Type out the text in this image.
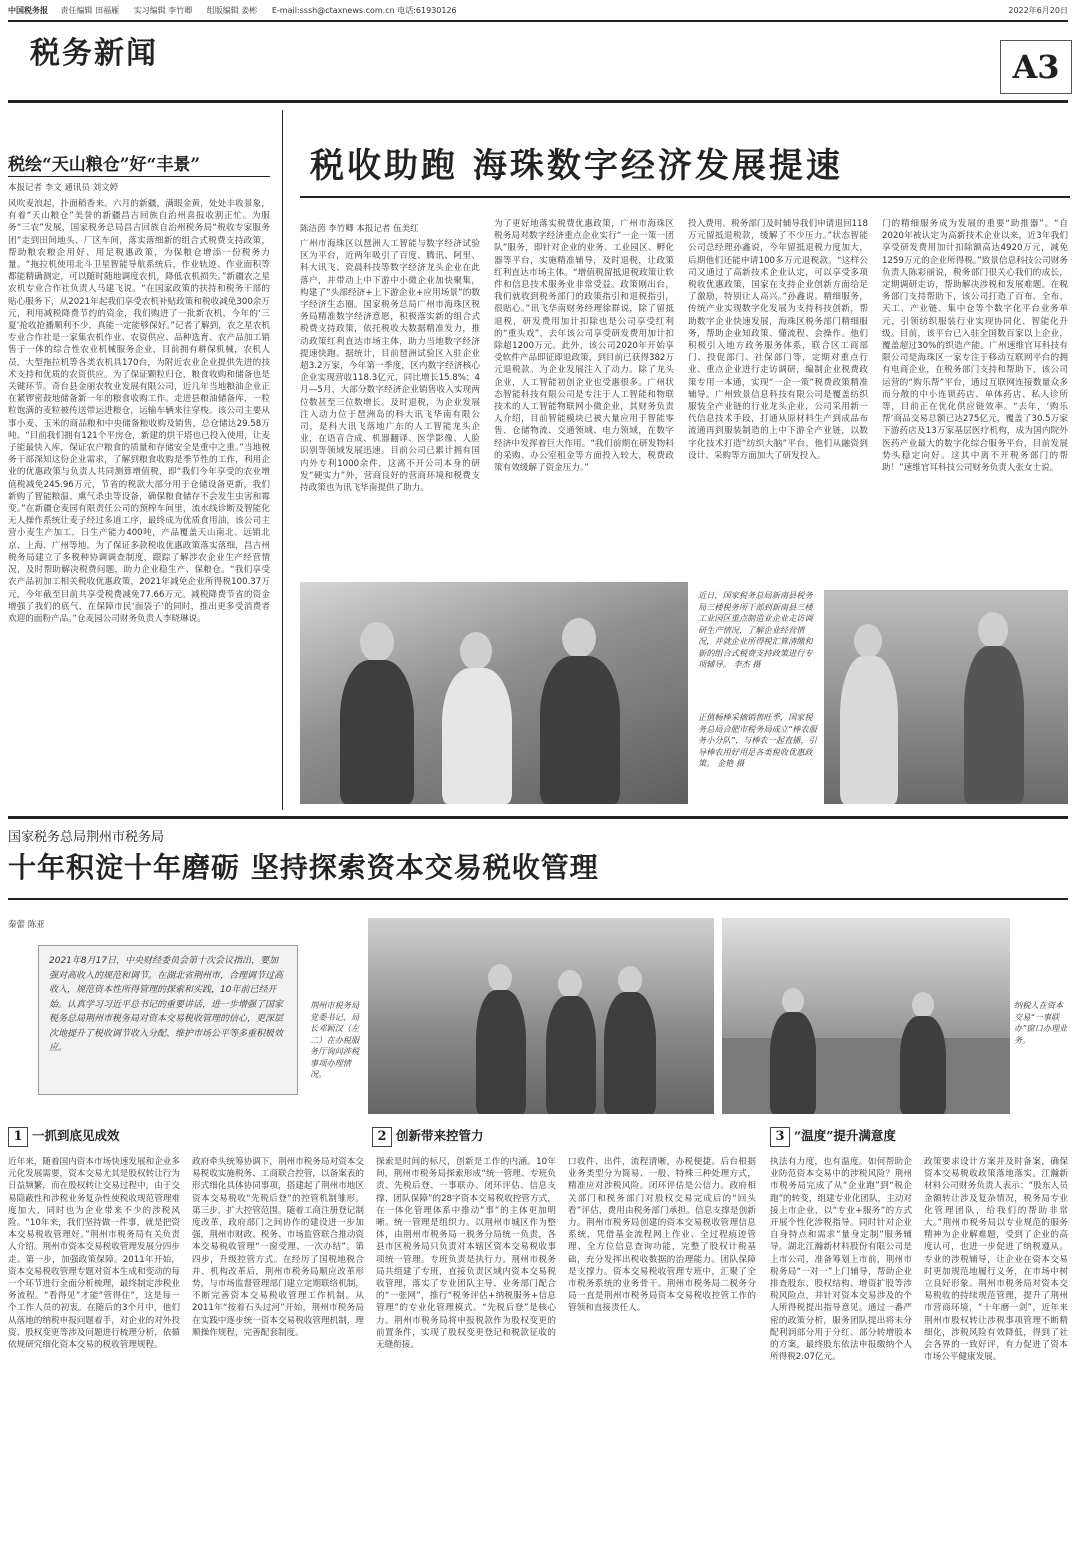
中国税务报 责任编辑 田福雁 实习编辑 李竹卿 组版编辑 姜彬 E-mail:sssh@ctaxnews.com.cn 电话:61930126	2022年6月20日
税务新闻	A3
税绘“天山粮仓”好“丰景”
本报记者 李文 通讯员 刘文婷
风吹麦浪起，扑面稻香来。六月的新疆，满眼金黄，处处丰收景象，有着“天山粮仓”美誉的新疆昌吉回族自治州喜报收割正忙。为服务“三农”发展，国家税务总局昌吉回族自治州税务局“税收专家服务团”走到田间地头、厂区车间，落实落细新的组合式税费支持政策，帮助粮农粮企用好、用足税惠政策，为保粮仓增添一份税务力量。“拖拉机使用北斗卫星智能导航系统后，作业轨迹、作业面积等都能精确测定，可以随时随地调度农机，降低农机损失。”新疆农之星农机专业合作社负责人马建飞说。“在国家政策的扶持和税务干部的贴心服务下，从2021年起我们享受农机补贴政策和税收减免300余万元，利用减税降费节约的资金，我们购进了一批新农机，今年的‘三夏’抢收抢播顺利不少，真能一定能够保好。”记者了解到，农之星农机专业合作社是一家集农机作业、农资供应、品种选育、农产品加工销售于一体的综合性农业机械服务企业，目前拥有耕保机械，农机人员，大型拖拉机等各类农机具170台，为附近农业企业提供先进的技术支持和优质的农资供应。为了保证颗粒归仓，粮食收购和储备也是关键环节。奇台县金丽农牧业发展有限公司，近几年当地粮油企业正在紧锣密鼓地储备新一年的粮食收购工作。走进县粮油储备库，一粒粒饱满的麦粒被传送带运进粮仓，运输车辆来往穿梭。该公司主要从事小麦、玉米的商品粮和中央储备粮收购及销售，总仓储达29.58万吨。“目前我们拥有121个平房仓，新建的烘干塔也已投入使用，让麦子能最快入库，保证农户粮食的质量和存储安全是重中之重。”当地税务干部深知这份企业需求，了解到粮食收购是季节性的工作，利用企业的优惠政策与负责人共同测算增值税，即“我们今年享受的农业增值税减免245.96万元，节省的税款大部分用于仓储设备更新，我们新购了智能粮温、熏气杀虫等设备，确保粮食储存不会发生虫害和霉变。”在新疆仓麦园有限责任公司的预榨车间里，流水线诊断及智能化无人操作系统让麦子经过多道工序，最终成为优质食用油，该公司主营小麦生产加工，日生产能力400吨，产品覆盖天山南北、远销北京、上海、广州等地。为了保证多款税收优惠政策落实落细，昌吉州税务局建立了多税种协调调查制度，跟踪了解涉农企业生产经营情况，及时帮助解决税费问题，助力企业稳生产、保粮仓。“我们享受农产品初加工相关税收优惠政策，2021年减免企业所得税100.37万元，今年截至目前共享受税费减免77.66万元。减税降费节省的资金增强了我们的底气，在保障市民‘面袋子’的同时，推出更多受消费者欢迎的面粉产品。”仓麦园公司财务负责人李晓琳说。
税收助跑 海珠数字经济发展提速
陈洁茵 李竹卿 本报记者 伍美红
广州市海珠区以琶洲人工智能与数字经济试验区为平台，近两年吸引了百度、腾讯、阿里、科大讯飞、瓷晨科技等数字经济龙头企业在此落户，并带动上中下游中小微企业加快聚集，构建了“头部经济+上下游企业+应用场景”的数字经济生态圈。国家税务总局广州市海珠区税务局精准数字经济意愿，积极落实新的组合式税费支持政策，依托税收大数据精准发力，推动政策红利直达市场主体，助力当地数字经济提速快跑。据统计，目前琶洲试验区入驻企业超3.2万家，今年第一季度，区内数字经济核心企业实现营收118.3亿元，同比增长15.8%；4月—5月，大部分数字经济企业销售收入实现两位数甚至三位数增长。及时退税，为企业发展注入动力位于琶洲岛的科大讯飞华南有限公司，是科大讯飞落地广东的人工智能龙头企业，在语音合成、机器翻译、医学影像、人脸识别等领域发展迅速。目前公司已累计拥有国内外专利1000余件，这离不开公司本身的研发“硬实力”外，营商良好的营商环境和税费支持政策也为讯飞华南提供了助力。
为了更好地落实税费优惠政策，广州市海珠区税务局对数字经济重点企业实行“一企一策一团队”服务，即针对企业的业务、工业园区、孵化器等平台，实施精准辅导，及时退税，让政策红利直达市场主体。“增值税留抵退税政策让软件和信息技术服务业非常受益。政策刚出台，我们就收到税务部门的政策指引和退税指引，很贴心。”讯飞华南财务经理徐群说，除了留抵退税，研发费用加计扣除也是公司享受红利的“重头戏”，去年该公司享受研发费用加计扣除超1200万元。此外，该公司2020年开始享受软件产品即征即退政策，到目前已获得382万元退税款。为企业发展注入了动力。除了龙头企业，人工智能初创企业也受惠很多。广州状态智能科技有限公司是专注于人工智能和物联技术的人工智能物联网小微企业，其财务负责人介绍，目前智能模块已被大量应用于智能零售、仓储物流、交通领域、电力领域，在数字经济中发挥着巨大作用。“我们前期在研发物料的采购、办公室租金等方面投入较大，税费政策有效缓解了资金压力。”
投入费用。税务部门及时辅导我们申请退回118万元留抵退税款，缓解了不少压力。”状态智能公司总经理孙鑫说，今年留抵退税力度加大，后期他们还能申请100多万元退税款。“这样公司又通过了高新技术企业认定，可以享受多项税收优惠政策，国家在支持企业创新方面给足了激励，特别让人高兴。”孙鑫说。精细服务，传统产业实现数字化发展为支持科技创新，帮助数字企业快速发展，海珠区税务部门精细服务，帮助企业知政策、懂流程、会操作。他们积极引入地方政务服务体系，联合区工商部门、投促部门、社保部门等，定期对重点行业、重点企业进行走访调研，编制企业税费政策专用一本通，实现“一企一策”税费政策精准辅导。广州致景信息科技有限公司是覆盖纺织服装全产业链的行业龙头企业，公司采用新一代信息技术手段，打通从原材料生产到成品布流通再到服装制造的上中下游全产业链，以数字化技术打造“纺织大脑”平台，他们从融资到设计、采购等方面加大了研发投入。
门的精细服务成为发展的重要“助推器”。“自2020年被认定为高新技术企业以来，近3年我们享受研发费用加计扣除额高达4920万元，减免1259万元的企业所得税。”致景信息科技公司财务负责人陈彩丽说，税务部门很关心我们的成长，定期调研走访，帮助解决涉税和发展难题。在税务部门支持帮助下，该公司打造了百布、全布、天工、产业链、集中仓等个数字化平台业务单元，引领纺织服装行业实现协同化、智能化升级。目前，该平台已入驻全国数百家以上企业，覆盖超过30%的织造产能。广州速维官耳科技有限公司是海珠区一家专注于移动互联网平台的拥有电商企业，在税务部门支持和帮助下，该公司运营的“购乐帮”平台，通过互联网连接数量众多而分散的中小连锁药店、单体药店、私人诊所等，目前正在优化供应链效率。“去年，‘购乐帮’商品交易总额已达275亿元，覆盖了30.5万家下游药店及13万家基层医疗机构，成为国内院外医药产业最大的数字化综合服务平台，目前发展势头稳定向好。这其中离不开税务部门的帮助！”速维官耳科技公司财务负责人张女士说。
近日，国家税务总局新南县税务局三楼税务所干部到新南县三楼工业园区重点制造业企业走访调研生产情况，了解企业经营情况，并就企业所得税汇算清缴和新的组合式税费支持政策进行专项辅导。 李杰 摄
正值畅棒采摘销售旺季，国家税务总局合肥市税务局成立“棒农服务小分队”，与棒农一起直播，引导棒农用好用足各类税收优惠政策。 金艳 摄
国家税务总局荆州市税务局
十年积淀十年磨砺 坚持探索资本交易税收管理
秦蕾 陈亚
2021年8月17日，中央财经委员会第十次会议指出，要加强对高收入的规范和调节。在湖北省荆州市，合理调节过高收入，规范资本性所得管理的探索和实践，10年前已经开始。认真学习习近平总书记的重要讲话，进一步增强了国家税务总局荆州市税务局对资本交易税收管理的信心，更深层次地提升了税收调节收入分配、维护市场公平等多重积极效应。
荆州市税务局党委书记、局长邓颖汉（左二）在办税服务厅询问涉税事项办理情况。
纳税人在资本交易“一事联办”窗口办理业务。
1 一抓到底见成效	2 创新带来控管力	3 “温度”提升满意度
近年来，随着国内资本市场快速发展和企业多元化发展需要，资本交易尤其是股权转让行为日益频繁，而在股权转让交易过程中，由于交易隐蔽性和涉税业务复杂性使税收规范管理难度加大，同时也为企业带来不少的涉税风险。“10年来，我们坚持做一件事，就是把资本交易税收管理好。”荆州市税务局有关负责人介绍。荆州市资本交易税收管理发展分四步走。第一步，加强政策保障。2011年开始，资本交易税收管理专题对资本生成和变动的每一个环节进行全面分析梳理，最终制定涉税业务流程。“看得见”才能“管得住”，这是每一个工作人员的初衷。在随后的3个月中，他们从落地的纳税申报问题着手，对企业的对外投资、股权变更等涉及问题进行梳理分析，依循依规研究细化资本交易的税收管理规程。
政府牵头统筹协调下，荆州市税务局对资本交易税收实施税务、工商联合控管，以备案表的形式细化具体协同事项，搭建起了荆州市地区资本交易税收“先税后登”的控管机制雏形。第三步，扩大控管范围。随着工商注册登记制度改革，政府部门之间协作的建设进一步加强，荆州市财政、税务、市场监管联合推动资本交易税收管理“一窗受理、一次办结”。第四步，升级控管方式。在经历了国税地税合并、机构改革后，荆州市税务局顺应改革形势，与市场监督管理部门建立定期联络机制，不断完善资本交易税收管理工作机制。从2011年“按着石头过河”开始，荆州市税务局在实践中逐步统一资本交易税收管理机制，理顺操作规程，完善配套制度。
探索是时间的标尺，创新是工作的内涵。10年间，荆州市税务局探索形成“统一管理、专班负责、先税后登、一事联办、闭环评估、信息支撑、团队保障”的28字资本交易税收控管方式，在一体化管理体系中推动“事”的主体更加明晰。统一管理是组织力。以荆州市城区作为整体，由荆州市税务局一税务分局统一负责，各县市区税务局只负责对本辖区资本交易税收事项统一管理。专班负责是执行力。荆州市税务局共组建了专班，直接负责区域内资本交易税收管理，落实了专业团队主导、业务部门配合的“一张网”，推行“税务评估+纳税服务+信息管理”的专业化管理模式。“先税后登”是核心力。荆州市税务局将申报税款作为股权变更的前置条件，实现了股权变更登记和税款征收的无缝衔接。
口收件、出件，流程清晰，办税便捷。后台根据业务类型分为简易、一般、特殊三种处理方式，精准应对涉税风险。闭环评估是公信力。政府相关部门和税务部门对股权交易完成后的“回头看”评估，费用由税务部门承担。信息支撑是创新力。荆州市税务局创建的资本交易税收管理信息系统，凭借基金流程网上作业、全过程痕迹管理、全方位信息查询功能，完整了股权计税基础，充分发挥出税收数据的治理能力。团队保障是支撑力。资本交易税收管理专班中，汇聚了全市税务系统的业务骨干。荆州市税务局二税务分局一直是荆州市税务局资本交易税收控管工作的管领和直接责任人。
执法有力度，也有温度。如何帮助企业防范资本交易中的涉税风险？荆州市税务局完成了从“企业跑”到“税企跑”的转变，组建专业化团队，主动对接上市企业，以“专业+服务”的方式开展个性化涉税指导。同时针对企业自身特点和需求“量身定制”服务辅导。湖北江瀚新材料股份有限公司是上市公司，准备筹划上市前，荆州市税务局“一对一”上门辅导，帮助企业排查股东、股权结构、增资扩股等涉税风险点，并针对资本交易涉及的个人所得税提出指导意见。通过一番严密的政策分析，服务团队提出将未分配利润部分用于分红、部分转增股本的方案，最终股东依法申报缴纳个人所得税2.07亿元。
政策要求设计方案并及时备案，确保资本交易税收政策落地落实。江瀚新材料公司财务负责人表示：“股东人员金额转让涉及复杂情况，税务局专业化管理团队，给我们的帮助非常大。”荆州市税务局以专业规范的服务精神为企业解难题，受到了企业的高度认可，也进一步促进了纳税遵从。专业的涉税辅导，让企业在资本交易时更加规范地履行义务，在市场中树立良好形象。荆州市税务局对资本交易税收的持续规范管理，提升了荆州市营商环境，“十年磨一剑”，近年来荆州市股权转让涉税事项管理不断精细化，涉税风险有效降低，得到了社会各界的一致好评，有力促进了资本市场公平健康发展。
